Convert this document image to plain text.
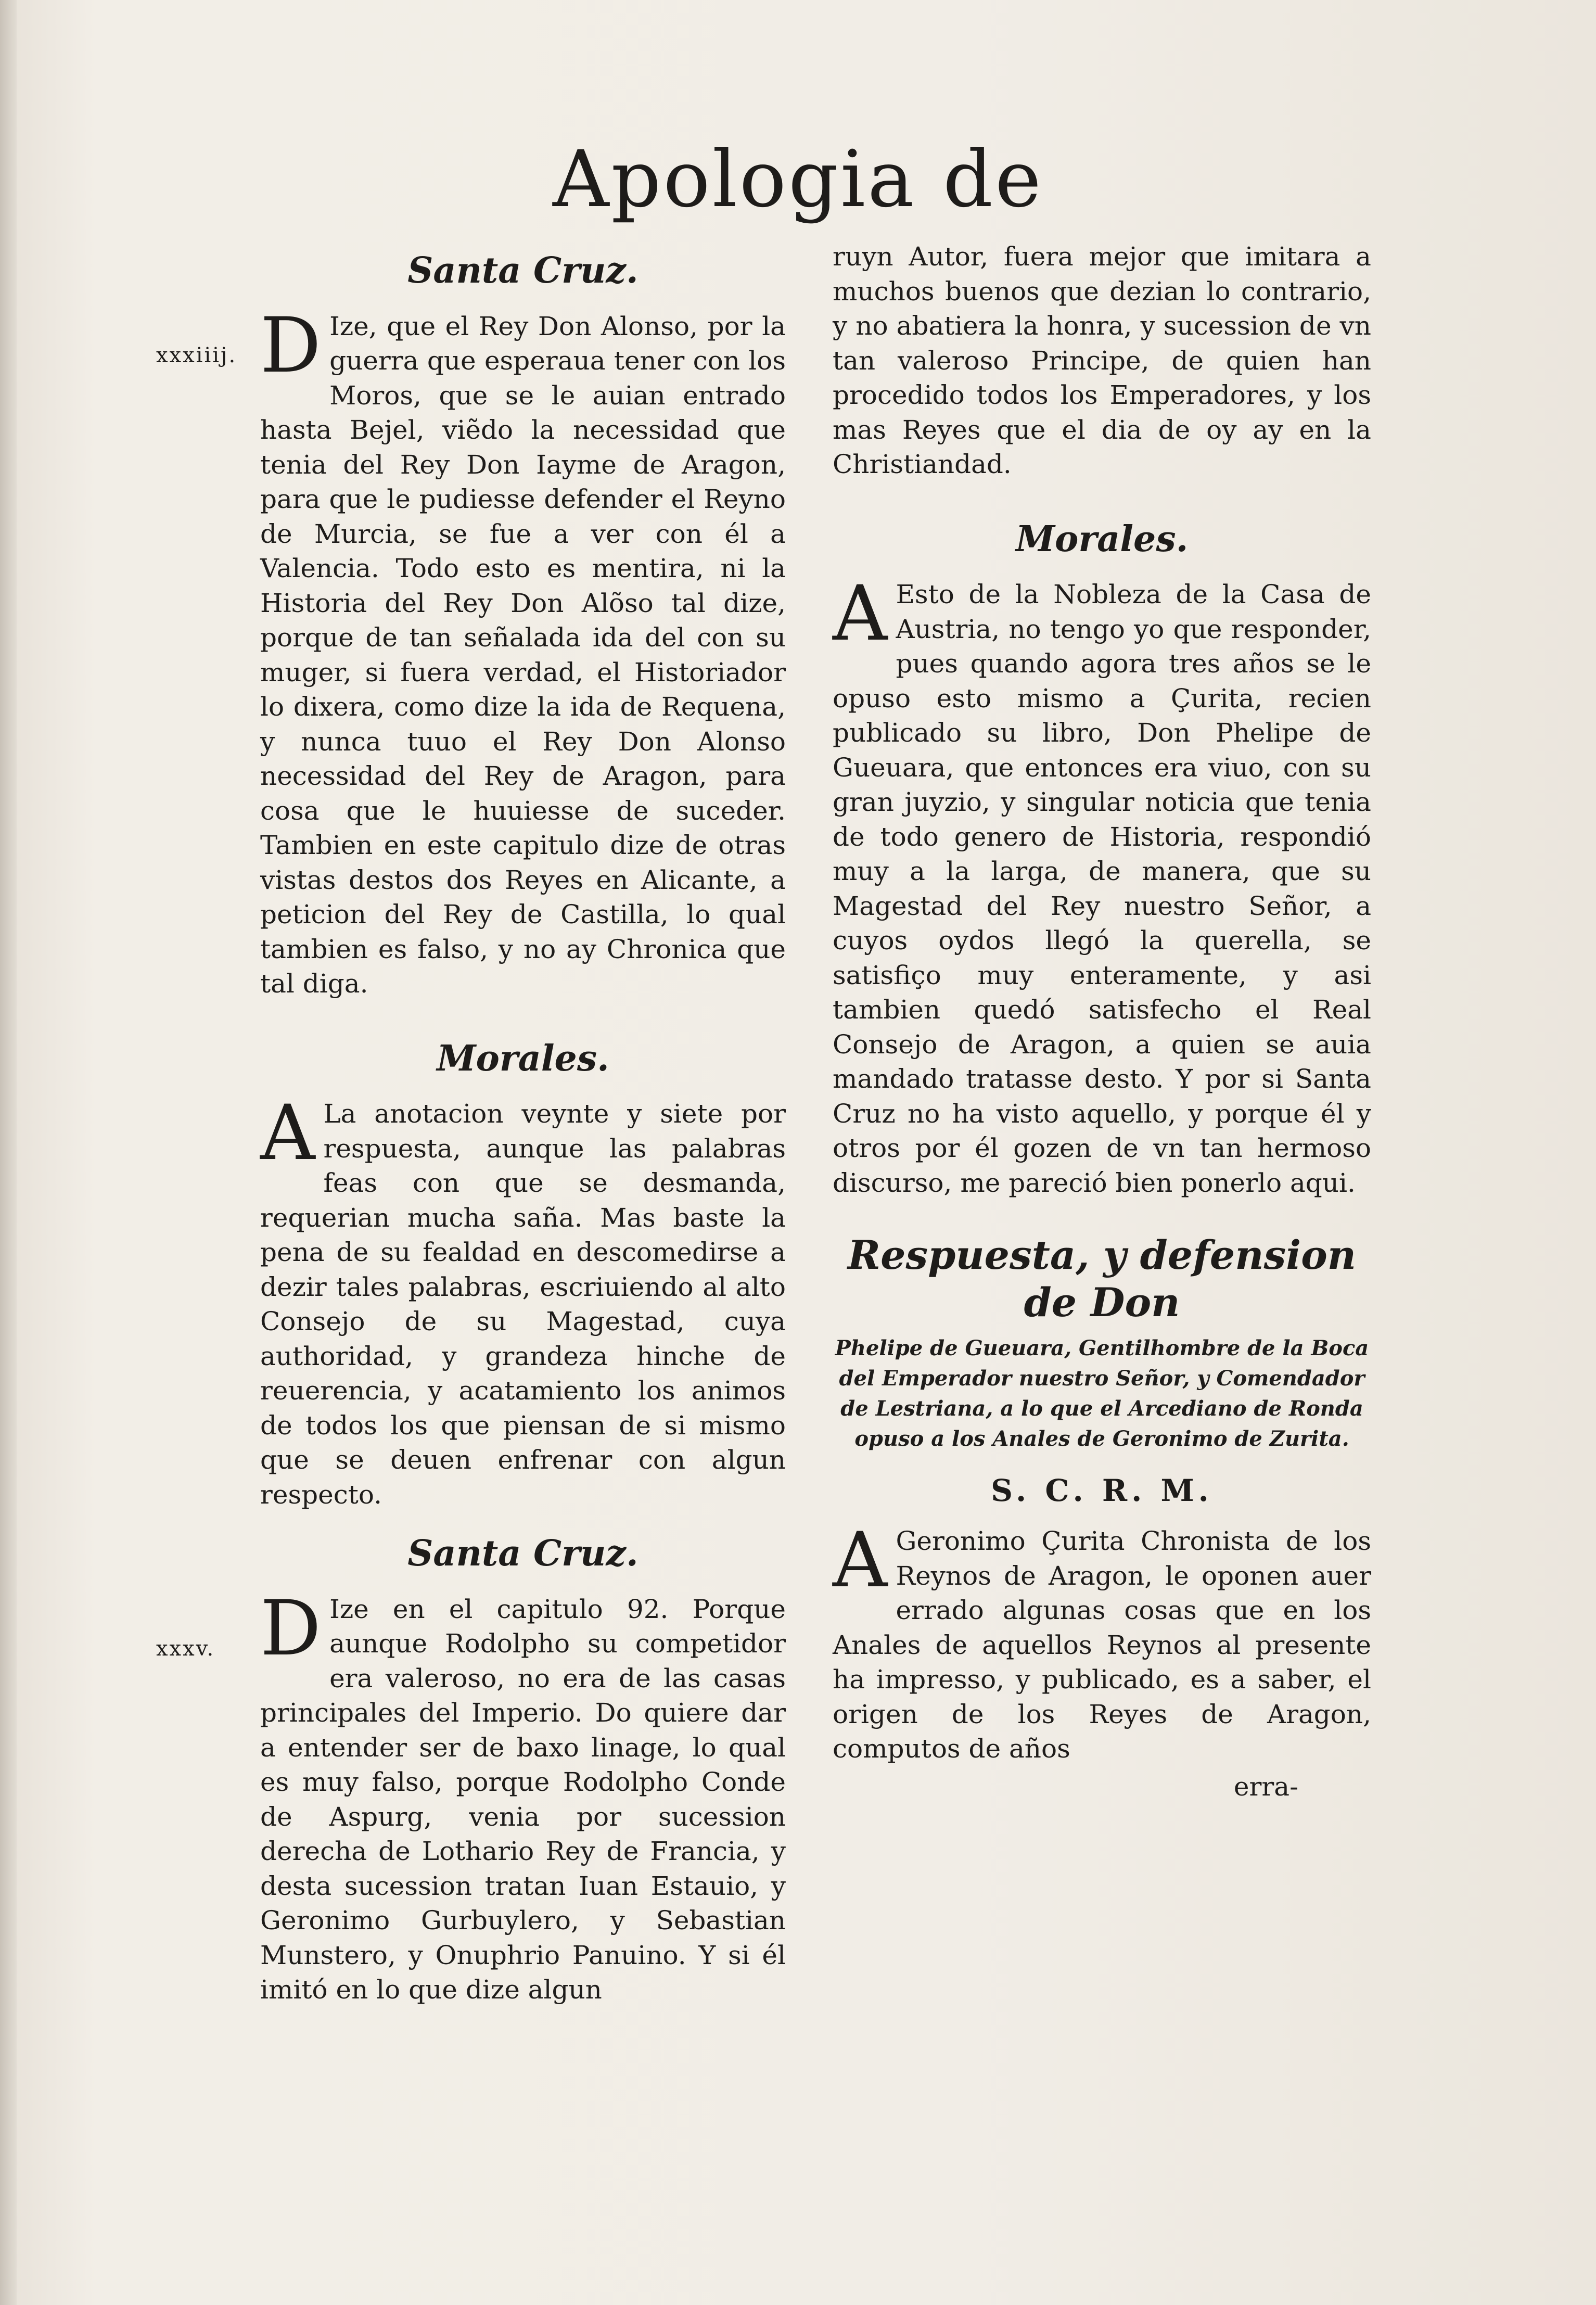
Apologia de
xxxiiij.
xxxv.
Santa Cruz.

D Ize, que el Rey Don Alonso, por la guerra que esperaua tener con los Moros, que se le auian entrado hasta Bejel, viẽdo la necessidad que tenia del Rey Don Iayme de Aragon, para que le pudiesse defender el Reyno de Murcia, se fue a ver con él a Valencia. Todo esto es mentira, ni la Historia del Rey Don Alõso tal dize, porque de tan señalada ida del con su muger, si fuera verdad, el Historiador lo dixera, como dize la ida de Requena, y nunca tuuo el Rey Don Alonso necessidad del Rey de Aragon, para cosa que le huuiesse de suceder. Tambien en este capitulo dize de otras vistas destos dos Reyes en Alicante, a peticion del Rey de Castilla, lo qual tambien es falso, y no ay Chronica que tal diga.

Morales.

A La anotacion veynte y siete por respuesta, aunque las palabras feas con que se desmanda, requerian mucha saña. Mas baste la pena de su fealdad en descomedirse a dezir tales palabras, escriuiendo al alto Consejo de su Magestad, cuya authoridad, y grandeza hinche de reuerencia, y acatamiento los animos de todos los que piensan de si mismo que se deuen enfrenar con algun respecto.

Santa Cruz.

D Ize en el capitulo 92. Porque aunque Rodolpho su competidor era valeroso, no era de las casas principales del Imperio. Do quiere dar a entender ser de baxo linage, lo qual es muy falso, porque Rodolpho Conde de Aspurg, venia por sucession derecha de Lothario Rey de Francia, y desta sucession tratan Iuan Estauio, y Geronimo Gurbuylero, y Sebastian Munstero, y Onuphrio Panuino. Y si él imitó en lo que dize algun

ruyn Autor, fuera mejor que imitara a muchos buenos que dezian lo contrario, y no abatiera la honra, y sucession de vn tan valeroso Principe, de quien han procedido todos los Emperadores, y los mas Reyes que el dia de oy ay en la Christiandad.

Morales.

A Esto de la Nobleza de la Casa de Austria, no tengo yo que responder, pues quando agora tres años se le opuso esto mismo a Çurita, recien publicado su libro, Don Phelipe de Gueuara, que entonces era viuo, con su gran juyzio, y singular noticia que tenia de todo genero de Historia, respondió muy a la larga, de manera, que su Magestad del Rey nuestro Señor, a cuyos oydos llegó la querella, se satisfiço muy enteramente, y asi tambien quedó satisfecho el Real Consejo de Aragon, a quien se auia mandado tratasse desto. Y por si Santa Cruz no ha visto aquello, y porque él y otros por él gozen de vn tan hermoso discurso, me pareció bien ponerlo aqui.

Respuesta, y defension de Don

Phelipe de Gueuara, Gentilhombre de la Boca del Emperador nuestro Señor, y Comendador de Lestriana, a lo que el Arcediano de Ronda opuso a los Anales de Geronimo de Zurita.

S. C. R. M.

A Geronimo Çurita Chronista de los Reynos de Aragon, le oponen auer errado algunas cosas que en los Anales de aquellos Reynos al presente ha impresso, y publicado, es a saber, el origen de los Reyes de Aragon, computos de años

erra-
